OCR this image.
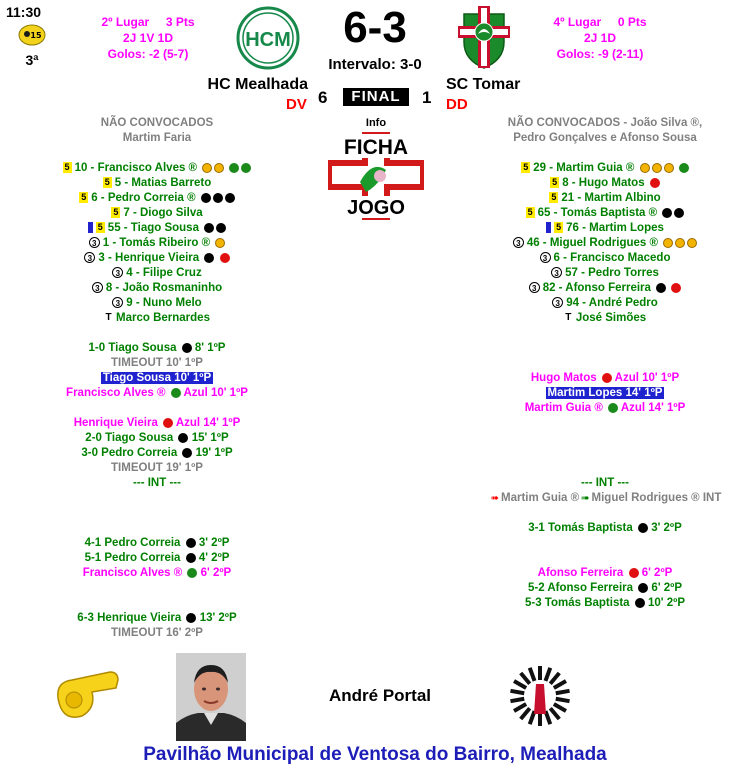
11:30
15
3ª
2º Lugar     3 Pts
2J 1V 1D
Golos: -2 (5-7)
HCM	6-3	4º Lugar     0 Pts
2J 1D
Golos: -9 (2-11)
Intervalo: 3-0
HC Mealhada	SC Tomar
DV 6	FINAL	1 DD
Info
FICHA
JOGO
NÃO CONVOCADOS
Martim Faria
5 10 - Francisco Alves ®
5 5 - Matias Barreto
5 6 - Pedro Correia ®
5 7 - Diogo Silva
| 5 55 - Tiago Sousa
3 1 - Tomás Ribeiro ®
3 3 - Henrique Vieira
3 4 - Filipe Cruz
3 8 - João Rosmaninho
3 9 - Nuno Melo
T Marco Bernardes
1-0 Tiago Sousa 8' 1ºP
TIMEOUT 10' 1ºP
Tiago Sousa 10' 1ºP
Francisco Alves ® Azul 10' 1ºP
Henrique Vieira Azul 14' 1ºP
2-0 Tiago Sousa 15' 1ºP
3-0 Pedro Correia 19' 1ºP
TIMEOUT 19' 1ºP
--- INT ---
4-1 Pedro Correia 3' 2ºP
5-1 Pedro Correia 4' 2ºP
Francisco Alves ® 6' 2ºP
6-3 Henrique Vieira 13' 2ºP
TIMEOUT 16' 2ºP
NÃO CONVOCADOS - João Silva ®,
Pedro Gonçalves e Afonso Sousa
5 29 - Martim Guia ®
5 8 - Hugo Matos
5 21 - Martim Albino
5 65 - Tomás Baptista ®
| 5 76 - Martim Lopes
3 46 - Miguel Rodrigues ®
3 6 - Francisco Macedo
3 57 - Pedro Torres
3 82 - Afonso Ferreira
3 94 - André Pedro
T José Simões
Hugo Matos Azul 10' 1ºP
Martim Lopes 14' 1ºP
Martim Guia ® Azul 14' 1ºP
--- INT ---
➠ Martim Guia ® ➠ Miguel Rodrigues ® INT
3-1 Tomás Baptista 3' 2ºP
Afonso Ferreira 6' 2ºP
5-2 Afonso Ferreira 6' 2ºP
5-3 Tomás Baptista 10' 2ºP
André Portal
Pavilhão Municipal de Ventosa do Bairro, Mealhada
